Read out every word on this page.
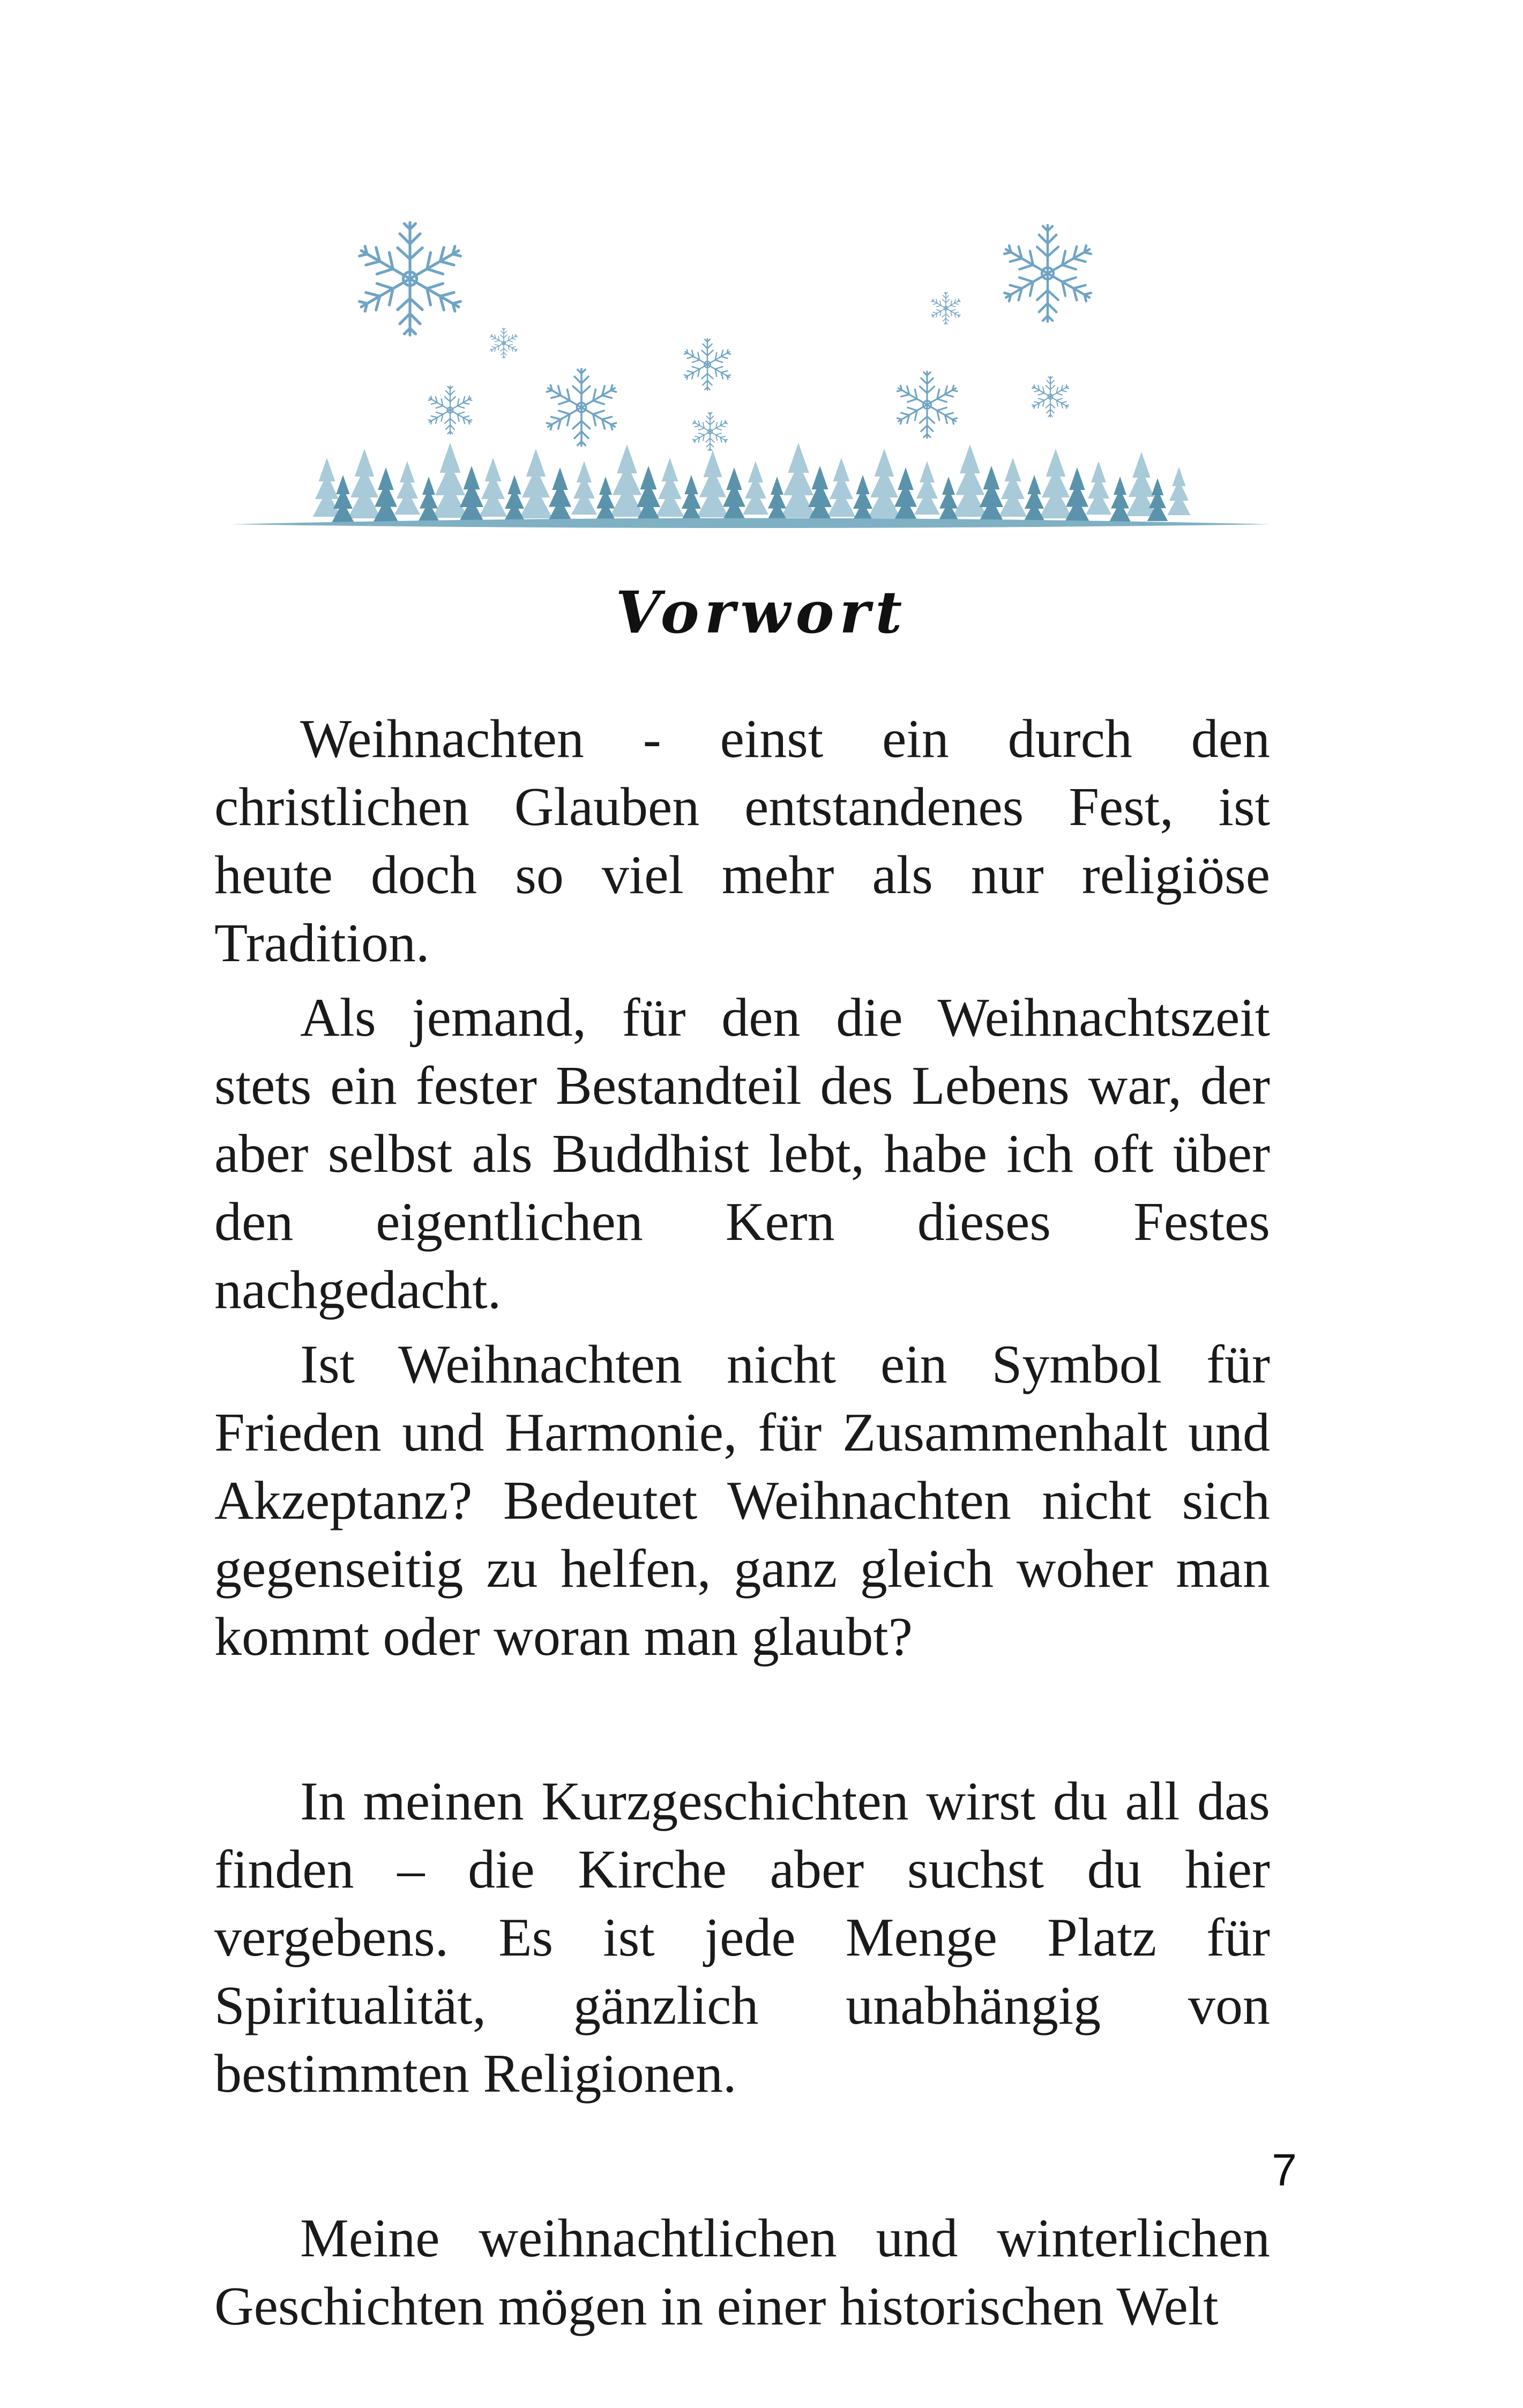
Vorwort

Weihnachten - einst ein durch den christlichen Glauben entstandenes Fest, ist heute doch so viel mehr als nur religiöse Tradition.

Als jemand, für den die Weihnachtszeit stets ein fester Bestandteil des Lebens war, der aber selbst als Buddhist lebt, habe ich oft über den eigentlichen Kern dieses Festes nachgedacht.

Ist Weihnachten nicht ein Symbol für Frieden und Harmonie, für Zusammenhalt und Akzeptanz? Bedeutet Weihnachten nicht sich gegenseitig zu helfen, ganz gleich woher man kommt oder woran man glaubt?

In meinen Kurzgeschichten wirst du all das finden – die Kirche aber suchst du hier vergebens. Es ist jede Menge Platz für Spiritualität, gänzlich unabhängig von bestimmten Religionen.

Meine weihnachtlichen und winterlichen Geschichten mögen in einer historischen Welt

7
